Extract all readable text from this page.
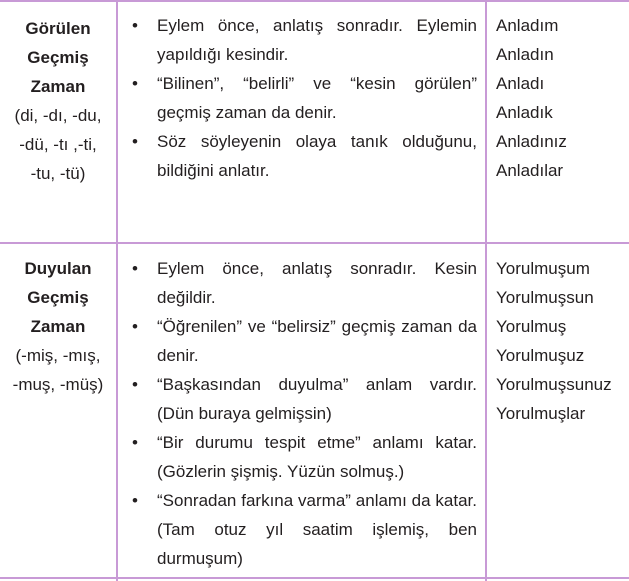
Görülen
Geçmiş
Zaman
(di, -dı, -du,
-dü, -tı ,-ti,
-tu, -tü)
• Eylem önce, anlatış sonradır. Eylemin yapıldığı kesindir.
• “Bilinen”, “belirli” ve “kesin görülen” geçmiş zaman da denir.
• Söz söyleyenin olaya tanık olduğunu, bildiğini anlatır.
Anladım
Anladın
Anladı
Anladık
Anladınız
Anladılar
Duyulan
Geçmiş
Zaman
(-miş, -mış,
-muş, -müş)
• Eylem önce, anlatış sonradır. Kesin değildir.
• “Öğrenilen” ve “belirsiz” geçmiş zaman da denir.
• “Başkasından duyulma” anlam vardır. (Dün buraya gelmişsin)
• “Bir durumu tespit etme” anlamı katar. (Gözlerin şişmiş. Yüzün solmuş.)
• “Sonradan farkına varma” anlamı da katar. (Tam otuz yıl saatim işlemiş, ben durmuşum)
Yorulmuşum
Yorulmuşsun
Yorulmuş
Yorulmuşuz
Yorulmuşsunuz
Yorulmuşlar
